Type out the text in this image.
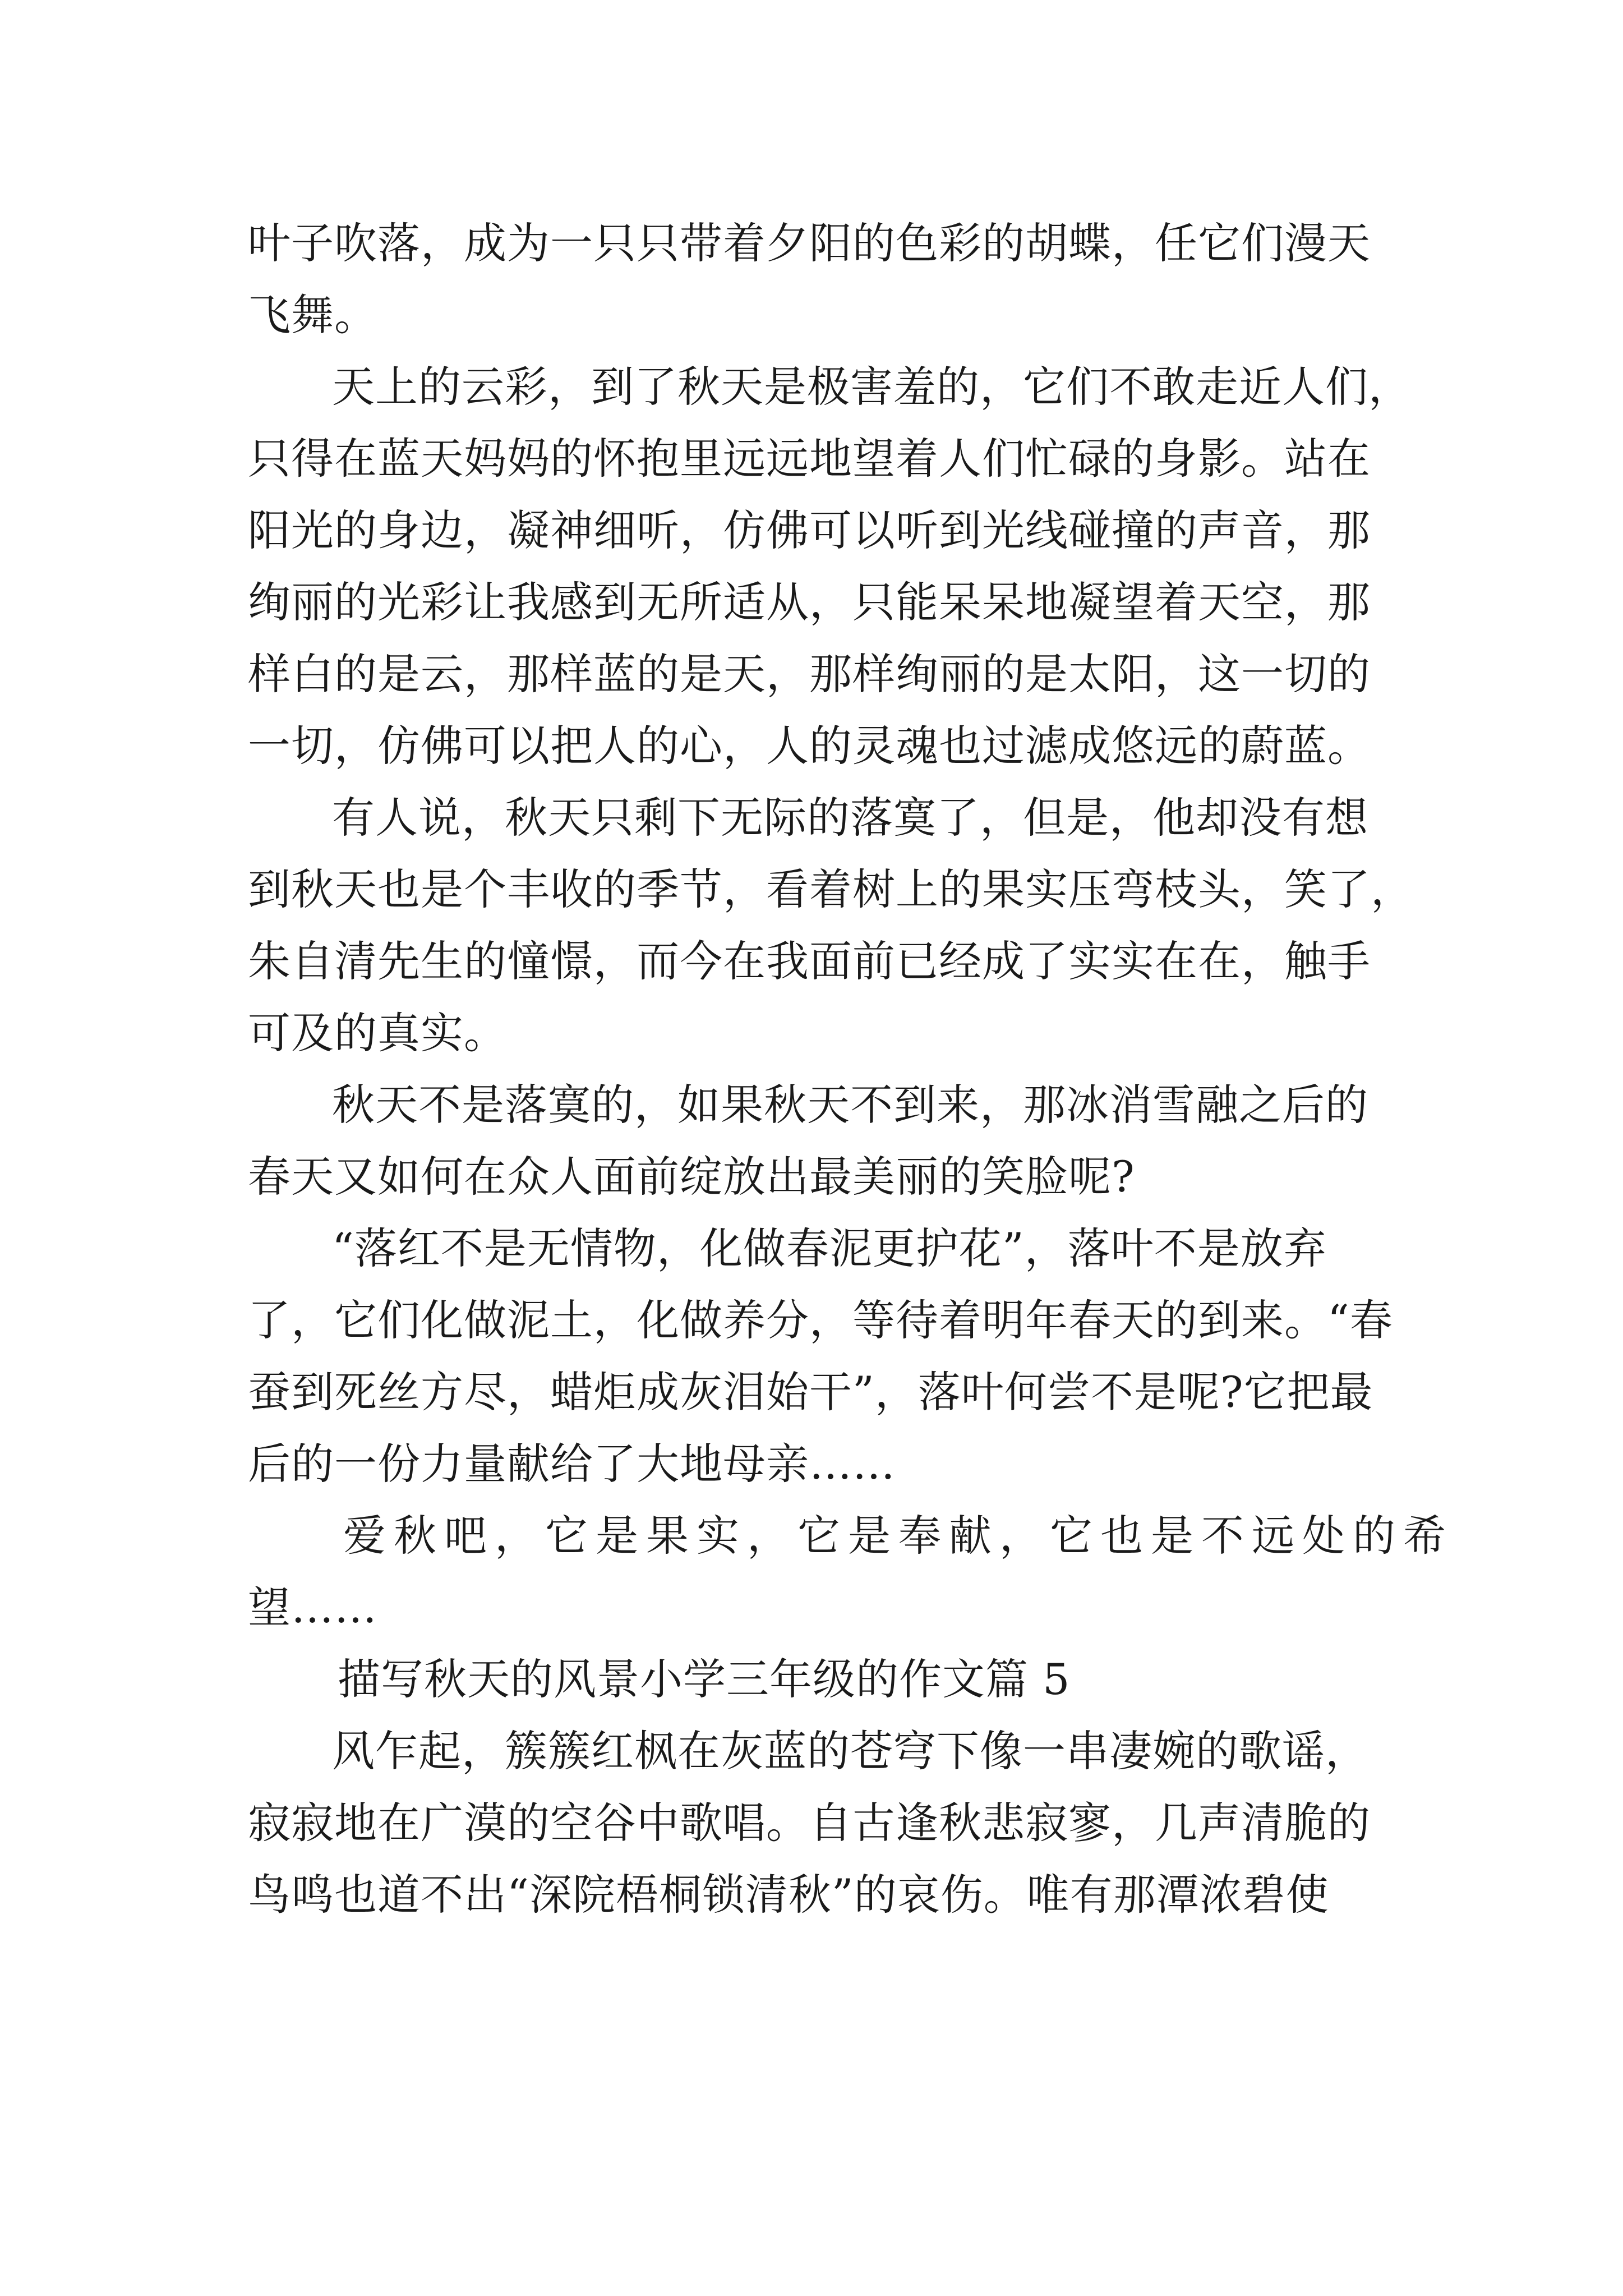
叶子吹落，成为一只只带着夕阳的色彩的胡蝶，任它们漫天
飞舞。
天上的云彩，到了秋天是极害羞的，它们不敢走近人们，
只得在蓝天妈妈的怀抱里远远地望着人们忙碌的身影。站在
阳光的身边，凝神细听，仿佛可以听到光线碰撞的声音，那
绚丽的光彩让我感到无所适从，只能呆呆地凝望着天空，那
样白的是云，那样蓝的是天，那样绚丽的是太阳，这一切的
一切，仿佛可以把人的心，人的灵魂也过滤成悠远的蔚蓝。
有人说，秋天只剩下无际的落寞了，但是，他却没有想
到秋天也是个丰收的季节，看着树上的果实压弯枝头，笑了，
朱自清先生的憧憬，而今在我面前已经成了实实在在，触手
可及的真实。
秋天不是落寞的，如果秋天不到来，那冰消雪融之后的
春天又如何在众人面前绽放出最美丽的笑脸呢?
“落红不是无情物，化做春泥更护花”，落叶不是放弃
了，它们化做泥土，化做养分，等待着明年春天的到来。“春
蚕到死丝方尽，蜡炬成灰泪始干”，落叶何尝不是呢?它把最
后的一份力量献给了大地母亲……
爱秋吧，它是果实，它是奉献，它也是不远处的希
望……
描写秋天的风景小学三年级的作文篇 5
风乍起，簇簇红枫在灰蓝的苍穹下像一串凄婉的歌谣，
寂寂地在广漠的空谷中歌唱。自古逢秋悲寂寥，几声清脆的
鸟鸣也道不出“深院梧桐锁清秋”的哀伤。唯有那潭浓碧使
